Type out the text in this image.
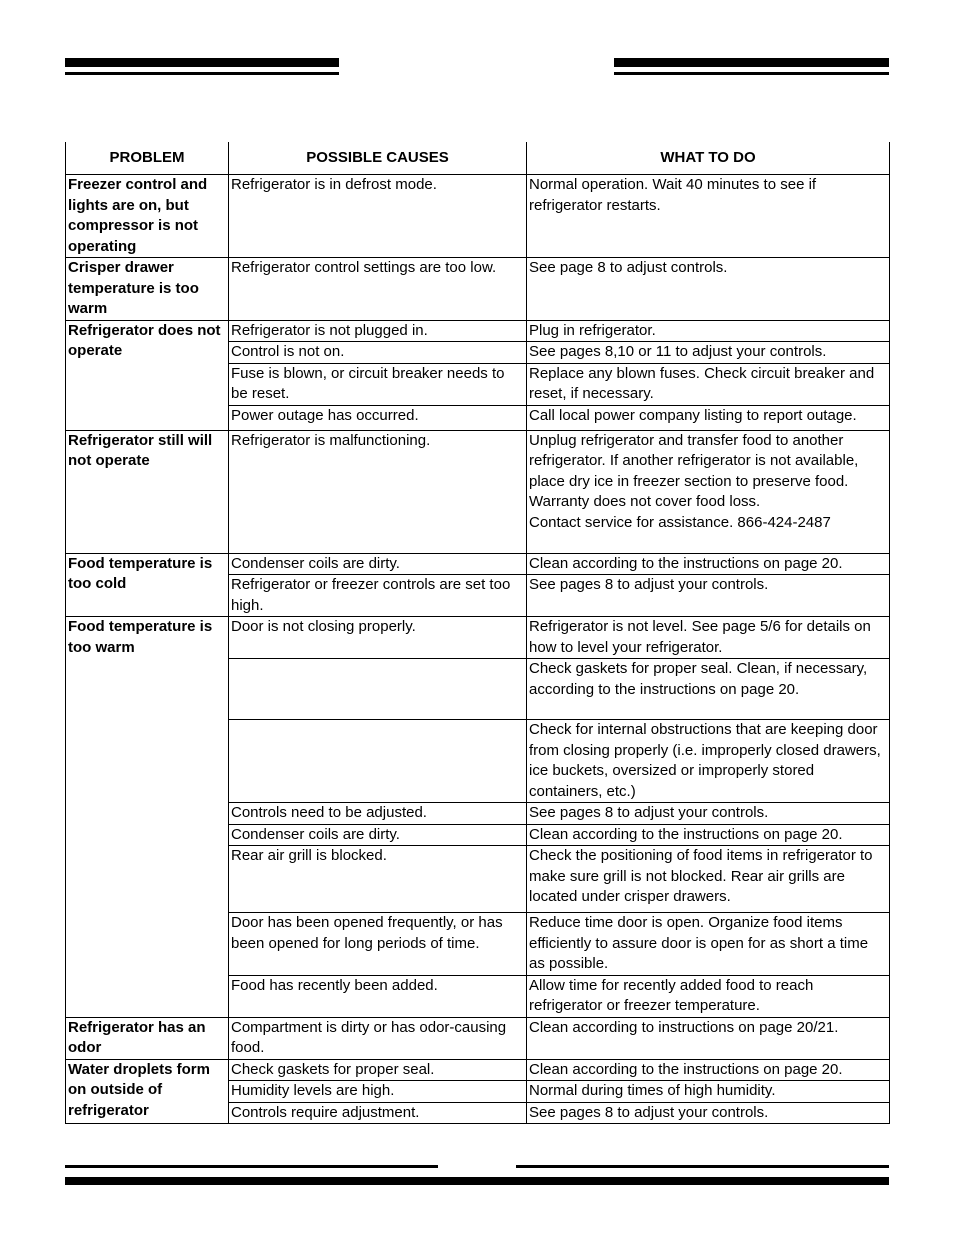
PROBLEM	POSSIBLE CAUSES	WHAT TO DO
Freezer control and lights are on, but compressor is not operating	Refrigerator is in defrost mode.	Normal operation. Wait 40 minutes to see if refrigerator restarts.
Crisper drawer temperature is too warm	Refrigerator control settings are too low.	See page 8 to adjust controls.
Refrigerator does not operate	Refrigerator is not plugged in.	Plug in refrigerator.
	Control is not on.	See pages 8,10 or 11 to adjust your controls.
	Fuse is blown, or circuit breaker needs to be reset.	Replace any blown fuses. Check circuit breaker and reset, if necessary.
	Power outage has occurred.	Call local power company listing to report outage.
Refrigerator still will not operate	Refrigerator is malfunctioning.	Unplug refrigerator and transfer food to another refrigerator. If another refrigerator is not available, place dry ice in freezer section to preserve food. Warranty does not cover food loss.
Contact service for assistance. 866-424-2487

Food temperature is too cold	Condenser coils are dirty.	Clean according to the instructions on page 20.
	Refrigerator or freezer controls are set too high.	See pages 8 to adjust your controls.
Food temperature is too warm	Door is not closing properly.	Refrigerator is not level. See page 5/6 for details on how to level your refrigerator.
		Check gaskets for proper seal. Clean, if necessary, according to the instructions on page 20.
		Check for internal obstructions that are keeping door from closing properly (i.e. improperly closed drawers, ice buckets, oversized or improperly stored containers, etc.)
	Controls need to be adjusted.	See pages 8 to adjust your controls.
	Condenser coils are dirty.	Clean according to the instructions on page 20.
	Rear air grill is blocked.	Check the positioning of food items in refrigerator to make sure grill is not blocked. Rear air grills are located under crisper drawers.
	Door has been opened frequently, or has been opened for long periods of time.	Reduce time door is open. Organize food items efficiently to assure door is open for as short a time as possible.
	Food has recently been added.	Allow time for recently added food to reach refrigerator or freezer temperature.
Refrigerator has an odor	Compartment is dirty or has odor-causing food.	Clean according to instructions on page 20/21.
Water droplets form on outside of refrigerator	Check gaskets for proper seal.	Clean according to the instructions on page 20.
	Humidity levels are high.	Normal during times of high humidity.
	Controls require adjustment.	See pages 8 to adjust your controls.
